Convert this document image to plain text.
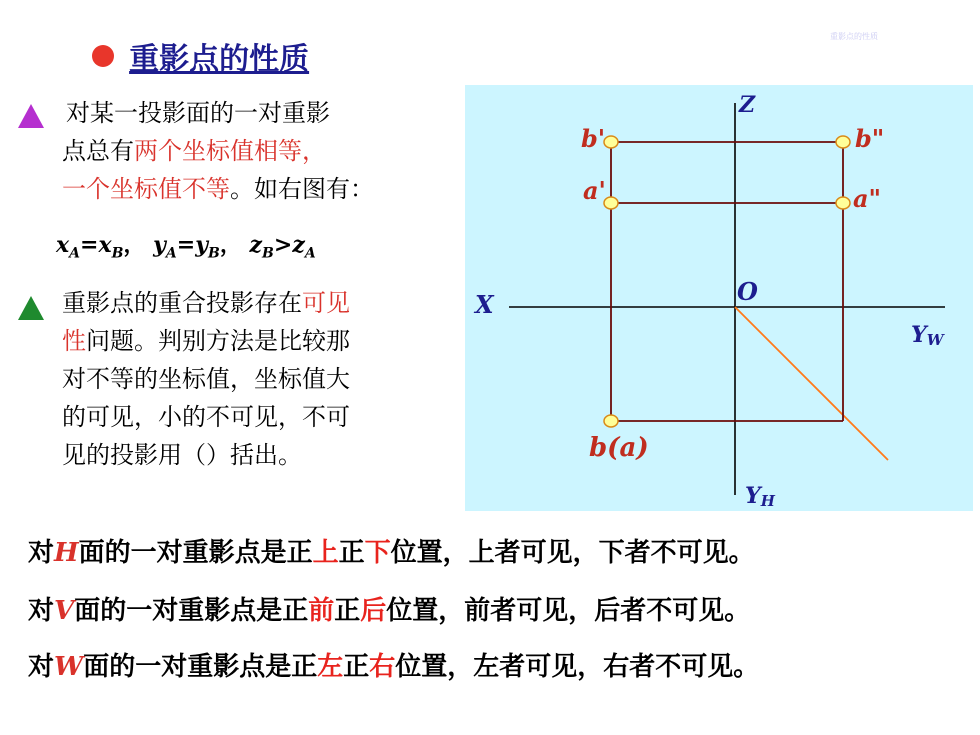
重影点的性质
重影点的性质
对某一投影面的一对重影
点总有两个坐标值相等，
一个坐标值不等。如右图有：
$x_A=x_B$， $y_A=y_B$， $z_B>z_A$
重影点的重合投影存在可见
性问题。判别方法是比较那
对不等的坐标值，坐标值大
的可见，小的不可见，不可
见的投影用（）括出。
Z
X	O
YW
YH
b'
a'
b"
a"
b(a)
对H面的一对重影点是正上正下位置，上者可见，下者不可见。
对V面的一对重影点是正前正后位置，前者可见，后者不可见。
对W面的一对重影点是正左正右位置，左者可见，右者不可见。
